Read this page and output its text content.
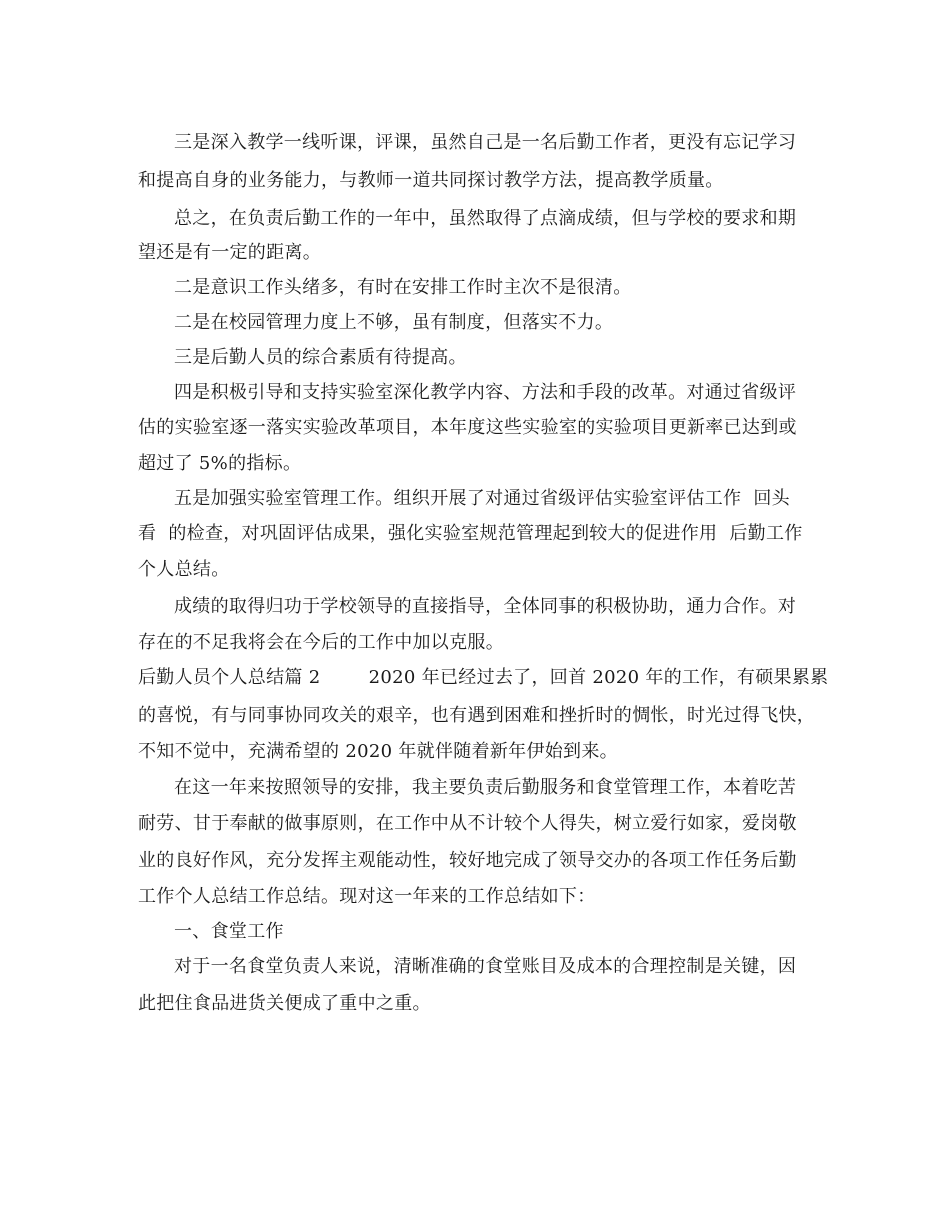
三是深入教学一线听课，评课，虽然自己是一名后勤工作者，更没有忘记学习
和提高自身的业务能力，与教师一道共同探讨教学方法，提高教学质量。
总之，在负责后勤工作的一年中，虽然取得了点滴成绩，但与学校的要求和期
望还是有一定的距离。
二是意识工作头绪多，有时在安排工作时主次不是很清。
二是在校园管理力度上不够，虽有制度，但落实不力。
三是后勤人员的综合素质有待提高。
四是积极引导和支持实验室深化教学内容、方法和手段的改革。对通过省级评
估的实验室逐一落实实验改革项目，本年度这些实验室的实验项目更新率已达到或
超过了 5%的指标。
五是加强实验室管理工作。组织开展了对通过省级评估实验室评估工作  回头
看  的检查，对巩固评估成果，强化实验室规范管理起到较大的促进作用  后勤工作
个人总结。
成绩的取得归功于学校领导的直接指导，全体同事的积极协助，通力合作。对
存在的不足我将会在今后的工作中加以克服。
后勤人员个人总结篇 2        2020 年已经过去了，回首 2020 年的工作，有硕果累累
的喜悦，有与同事协同攻关的艰辛，也有遇到困难和挫折时的惆怅，时光过得飞快，
不知不觉中，充满希望的 2020 年就伴随着新年伊始到来。
在这一年来按照领导的安排，我主要负责后勤服务和食堂管理工作，本着吃苦
耐劳、甘于奉献的做事原则，在工作中从不计较个人得失，树立爱行如家，爱岗敬
业的良好作风，充分发挥主观能动性，较好地完成了领导交办的各项工作任务后勤
工作个人总结工作总结。现对这一年来的工作总结如下：
一、食堂工作
对于一名食堂负责人来说，清晰准确的食堂账目及成本的合理控制是关键，因
此把住食品进货关便成了重中之重。
